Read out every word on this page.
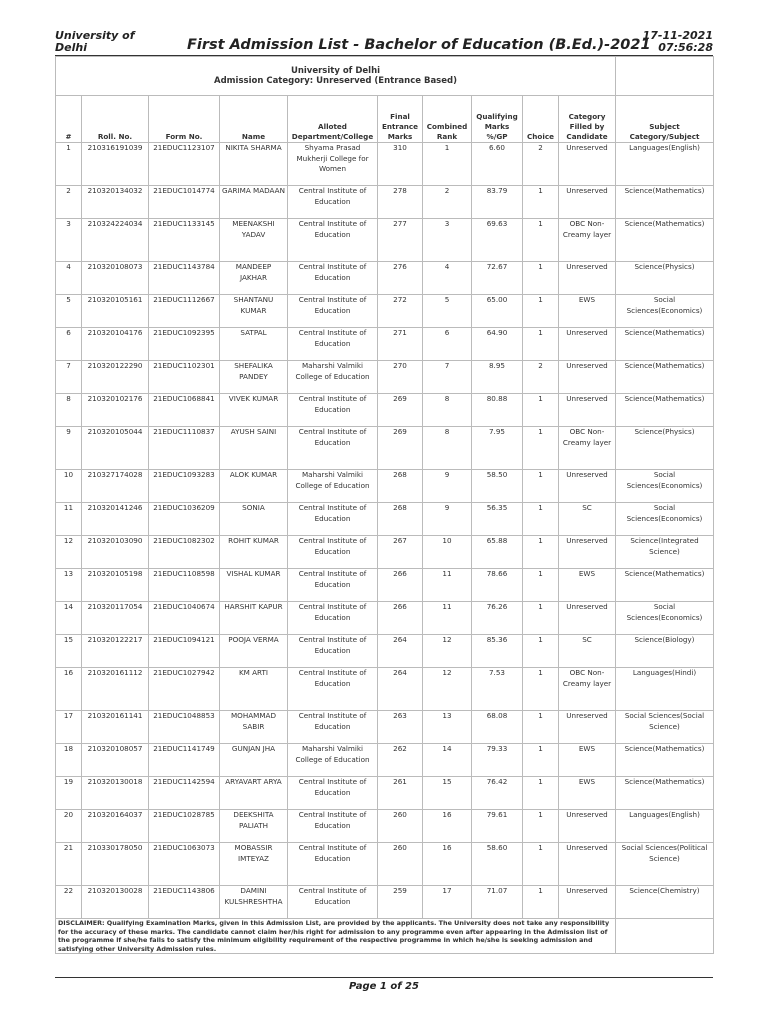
University of Delhi	First Admission List - Bachelor of Education (B.Ed.)-2021
17-11-2021
07:56:28
University of Delhi
Admission Category: Unreserved (Entrance Based)										

#	Roll. No.	Form No.	Name	Alloted Department/College	Final Entrance Marks	Combined Rank	Qualifying Marks %/GP	Choice	Category Filled by Candidate	Subject Category/Subject
1	210316191039	21EDUC1123107	NIKITA SHARMA	Shyama Prasad Mukherji College for Women	310	1	6.60	2	Unreserved	Languages(English)
2	210320134032	21EDUC1014774	GARIMA MADAAN	Central Institute of Education	278	2	83.79	1	Unreserved	Science(Mathematics)
3	210324224034	21EDUC1133145	MEENAKSHI YADAV	Central Institute of Education	277	3	69.63	1	OBC Non-Creamy layer	Science(Mathematics)
4	210320108073	21EDUC1143784	MANDEEP JAKHAR	Central Institute of Education	276	4	72.67	1	Unreserved	Science(Physics)
5	210320105161	21EDUC1112667	SHANTANU KUMAR	Central Institute of Education	272	5	65.00	1	EWS	Social Sciences(Economics)
6	210320104176	21EDUC1092395	SATPAL	Central Institute of Education	271	6	64.90	1	Unreserved	Science(Mathematics)
7	210320122290	21EDUC1102301	SHEFALIKA PANDEY	Maharshi Valmiki College of Education	270	7	8.95	2	Unreserved	Science(Mathematics)
8	210320102176	21EDUC1068841	VIVEK KUMAR	Central Institute of Education	269	8	80.88	1	Unreserved	Science(Mathematics)
9	210320105044	21EDUC1110837	AYUSH SAINI	Central Institute of Education	269	8	7.95	1	OBC Non-Creamy layer	Science(Physics)
10	210327174028	21EDUC1093283	ALOK KUMAR	Maharshi Valmiki College of Education	268	9	58.50	1	Unreserved	Social Sciences(Economics)
11	210320141246	21EDUC1036209	SONIA	Central Institute of Education	268	9	56.35	1	SC	Social Sciences(Economics)
12	210320103090	21EDUC1082302	ROHIT KUMAR	Central Institute of Education	267	10	65.88	1	Unreserved	Science(Integrated Science)
13	210320105198	21EDUC1108598	VISHAL KUMAR	Central Institute of Education	266	11	78.66	1	EWS	Science(Mathematics)
14	210320117054	21EDUC1040674	HARSHIT KAPUR	Central Institute of Education	266	11	76.26	1	Unreserved	Social Sciences(Economics)
15	210320122217	21EDUC1094121	POOJA VERMA	Central Institute of Education	264	12	85.36	1	SC	Science(Biology)
16	210320161112	21EDUC1027942	KM ARTI	Central Institute of Education	264	12	7.53	1	OBC Non-Creamy layer	Languages(Hindi)
17	210320161141	21EDUC1048853	MOHAMMAD SABIR	Central Institute of Education	263	13	68.08	1	Unreserved	Social Sciences(Social Science)
18	210320108057	21EDUC1141749	GUNJAN JHA	Maharshi Valmiki College of Education	262	14	79.33	1	EWS	Science(Mathematics)
19	210320130018	21EDUC1142594	ARYAVART ARYA	Central Institute of Education	261	15	76.42	1	EWS	Science(Mathematics)
20	210320164037	21EDUC1028785	DEEKSHITA PALIATH	Central Institute of Education	260	16	79.61	1	Unreserved	Languages(English)
21	210330178050	21EDUC1063073	MOBASSIR IMTEYAZ	Central Institute of Education	260	16	58.60	1	Unreserved	Social Sciences(Political Science)
22	210320130028	21EDUC1143806	DAMINI KULSHRESHTHA	Central Institute of Education	259	17	71.07	1	Unreserved	Science(Chemistry)
DISCLAIMER: Qualifying Examination Marks, given in this Admission List, are provided by the applicants. The University does not take any responsibility for the accuracy of these marks. The candidate cannot claim her/his right for admission to any programme even after appearing in the Admission list of the programme if she/he fails to satisfy the minimum eligibility requirement of the respective programme in which he/she is seeking admission and satisfying other University Admission rules.										
Page 1 of 25
